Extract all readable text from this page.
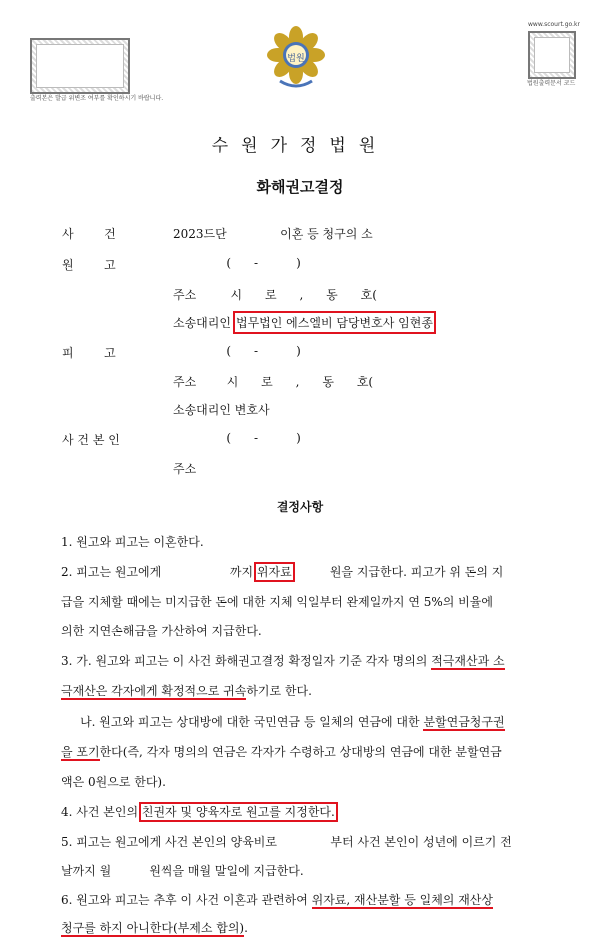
출력본은 발급 위변조 여부를 확인하시기 바랍니다.
법원
www.scourt.go.kr
법원출력문서 코드
수원가정법원
화해권고결정
사        건	2023드단              이혼 등 청구의 소
원        고	(      -          )
주소         시      로      ,      동      호(
소송대리인 법무법인 에스엘비 담당변호사 임현종
피        고	(      -          )
주소        시      로      ,      동      호(
소송대리인 변호사
사 건 본 인	(      -          )
주소
결정사항
1. 원고와 피고는 이혼한다.
2. 피고는 원고에게                  까지 위자료          원을 지급한다. 피고가 위 돈의 지
급을 지체할 때에는 미지급한 돈에 대한 지체 익일부터 완제일까지 연 5%의 비율에
의한 지연손해금을 가산하여 지급한다.
3. 가. 원고와 피고는 이 사건 화해권고결정 확정일자 기준 각자 명의의 적극재산과 소
극재산은 각자에게 확정적으로 귀속하기로 한다.
나. 원고와 피고는 상대방에 대한 국민연금 등 일체의 연금에 대한 분할연금청구권
을 포기한다(즉, 각자 명의의 연금은 각자가 수령하고 상대방의 연금에 대한 분할연금
액은 0원으로 한다).
4. 사건 본인의 친권자 및 양육자로 원고를 지정한다.
5. 피고는 원고에게 사건 본인의 양육비로              부터 사건 본인이 성년에 이르기 전
날까지 월          원씩을 매월 말일에 지급한다.
6. 원고와 피고는 추후 이 사건 이혼과 관련하여 위자료, 재산분할 등 일체의 재산상
청구를 하지 아니한다(부제소 합의).
